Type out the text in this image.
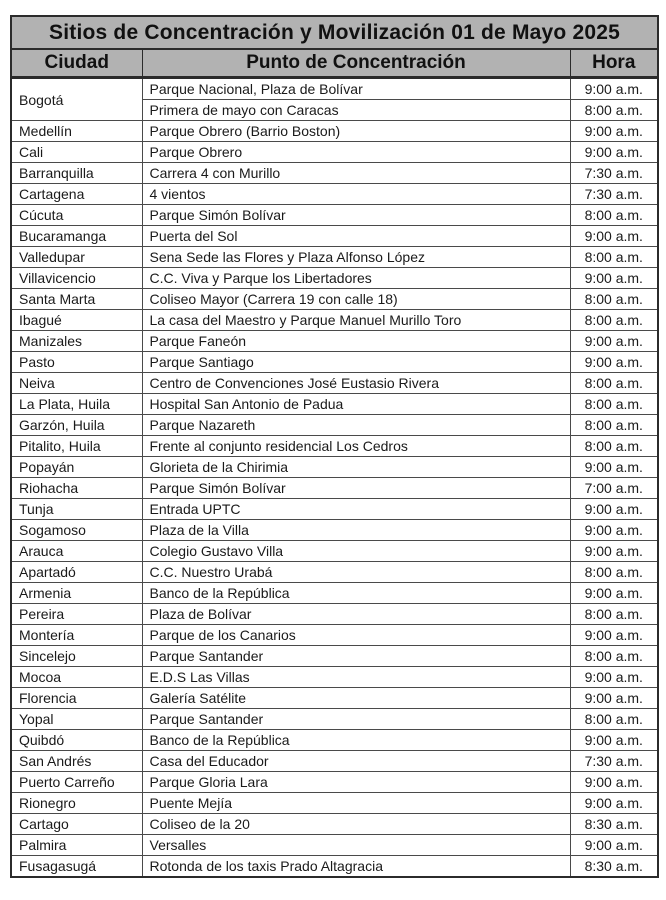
Sitios de Concentración y Movilización 01 de Mayo 2025		
Ciudad	Punto de Concentración	Hora
Bogotá	Parque Nacional, Plaza de Bolívar	9:00 a.m.
	Primera de mayo con Caracas	8:00 a.m.
Medellín	Parque Obrero (Barrio Boston)	9:00 a.m.
Cali	Parque Obrero	9:00 a.m.
Barranquilla	Carrera 4 con Murillo	7:30 a.m.
Cartagena	4 vientos	7:30 a.m.
Cúcuta	Parque Simón Bolívar	8:00 a.m.
Bucaramanga	Puerta del Sol	9:00 a.m.
Valledupar	Sena Sede las Flores y Plaza Alfonso López	8:00 a.m.
Villavicencio	C.C. Viva y Parque los Libertadores	9:00 a.m.
Santa Marta	Coliseo Mayor (Carrera 19 con calle 18)	8:00 a.m.
Ibagué	La casa del Maestro y Parque Manuel Murillo Toro	8:00 a.m.
Manizales	Parque Faneón	9:00 a.m.
Pasto	Parque Santiago	9:00 a.m.
Neiva	Centro de Convenciones José Eustasio Rivera	8:00 a.m.
La Plata, Huila	Hospital San Antonio de Padua	8:00 a.m.
Garzón, Huila	Parque Nazareth	8:00 a.m.
Pitalito, Huila	Frente al conjunto residencial Los Cedros	8:00 a.m.
Popayán	Glorieta de la Chirimia	9:00 a.m.
Riohacha	Parque Simón Bolívar	7:00 a.m.
Tunja	Entrada UPTC	9:00 a.m.
Sogamoso	Plaza de la Villa	9:00 a.m.
Arauca	Colegio Gustavo Villa	9:00 a.m.
Apartadó	C.C. Nuestro Urabá	8:00 a.m.
Armenia	Banco de la República	9:00 a.m.
Pereira	Plaza de Bolívar	8:00 a.m.
Montería	Parque de los Canarios	9:00 a.m.
Sincelejo	Parque Santander	8:00 a.m.
Mocoa	E.D.S Las Villas	9:00 a.m.
Florencia	Galería Satélite	9:00 a.m.
Yopal	Parque Santander	8:00 a.m.
Quibdó	Banco de la República	9:00 a.m.
San Andrés	Casa del Educador	7:30 a.m.
Puerto Carreño	Parque Gloria Lara	9:00 a.m.
Rionegro	Puente Mejía	9:00 a.m.
Cartago	Coliseo de la 20	8:30 a.m.
Palmira	Versalles	9:00 a.m.
Fusagasugá	Rotonda de los taxis Prado Altagracia	8:30 a.m.
